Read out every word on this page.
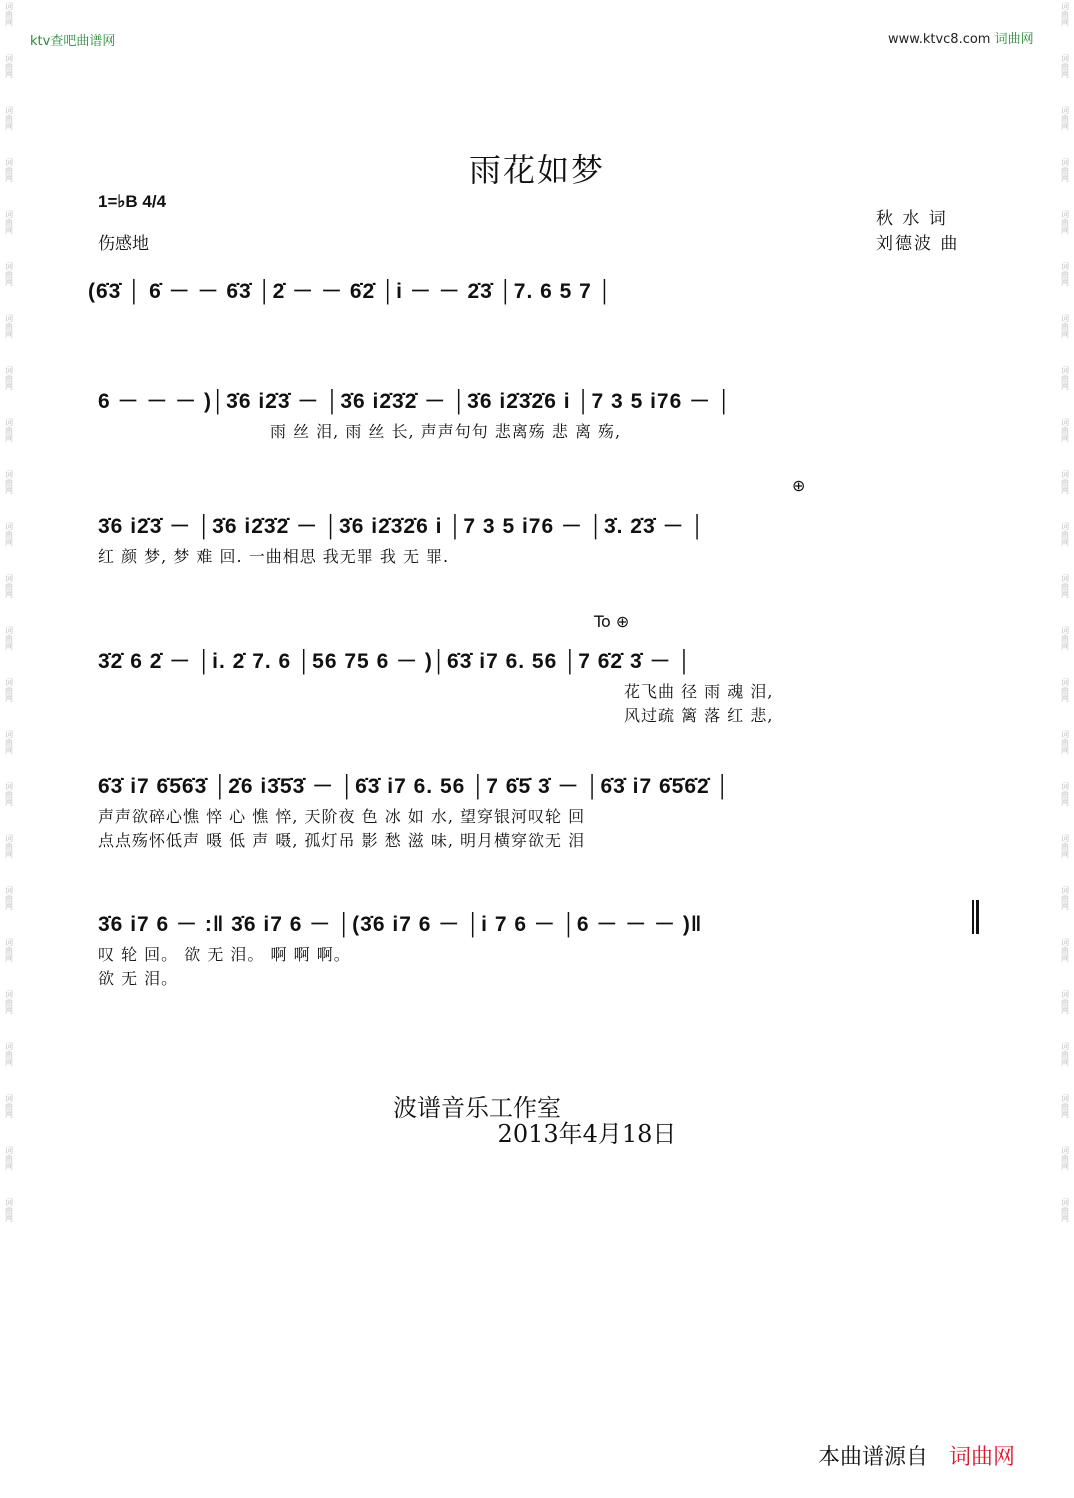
词曲网
词曲网
词曲网
词曲网
词曲网
词曲网
词曲网
词曲网
词曲网
词曲网
词曲网
词曲网
词曲网
词曲网
词曲网
词曲网
词曲网
词曲网
词曲网
词曲网
词曲网
词曲网
词曲网
词曲网
词曲网
词曲网
词曲网
词曲网
词曲网
词曲网
词曲网
词曲网
词曲网
词曲网
词曲网
词曲网
词曲网
词曲网
词曲网
词曲网
词曲网
词曲网
词曲网
词曲网
词曲网
词曲网
词曲网
词曲网
ktv查吧曲谱网	www.ktvc8.com 词曲网
雨花如梦
1=♭B 4/4
伤感地
秋 水 词
刘德波 曲
⊕
To ⊕
(6̇3̇ │ 6̇ － － 6̇3̇ │2̇ － － 6̇2̇ │i － － 2̇3̇ │7. 6 5 7 │
6 － － － )│3̇6 i2̇3̇ － │3̇6 i2̇3̇2̇ － │3̇6 i2̇3̇2̇6 i │7 3 5 i76 － │
雨 丝 泪, 雨 丝 长, 声声句句 悲离殇 悲 离 殇,
3̇6 i2̇3̇ － │3̇6 i2̇3̇2̇ － │3̇6 i2̇3̇2̇6 i │7 3 5 i76 － │3̇. 2̇3̇ － │
红 颜 梦, 梦 难 回. 一曲相思 我无罪 我 无 罪.
3̇2̇ 6 2̇ － │i. 2̇ 7. 6 │56 75 6 － )│6̇3̇ i7 6. 56 │7 6̇2̇ 3̇ － │
花飞曲 径 雨 魂 泪,
风过疏 篱 落 红 悲,
6̇3̇ i7 6̇5̇6̇3̇ │2̇6 i3̇5̇3̇ － │6̇3̇ i7 6. 56 │7 6̇5̇ 3̇ － │6̇3̇ i7 6̇5̇6̇2̇ │
声声欲碎心憔 悴 心 憔 悴, 天阶夜 色 冰 如 水, 望穿银河叹轮 回
点点殇怀低声 嗫 低 声 嗫, 孤灯吊 影 愁 滋 味, 明月横穿欲无 泪
3̇6 i7 6 － :‖ 3̇6 i7 6 － │(3̇6 i7 6 － │i 7 6 － │6 － － － )‖
叹 轮 回。 欲 无 泪。 啊 啊 啊。
欲 无 泪。
波谱音乐工作室
2013年4月18日
本曲谱源自 词曲网
